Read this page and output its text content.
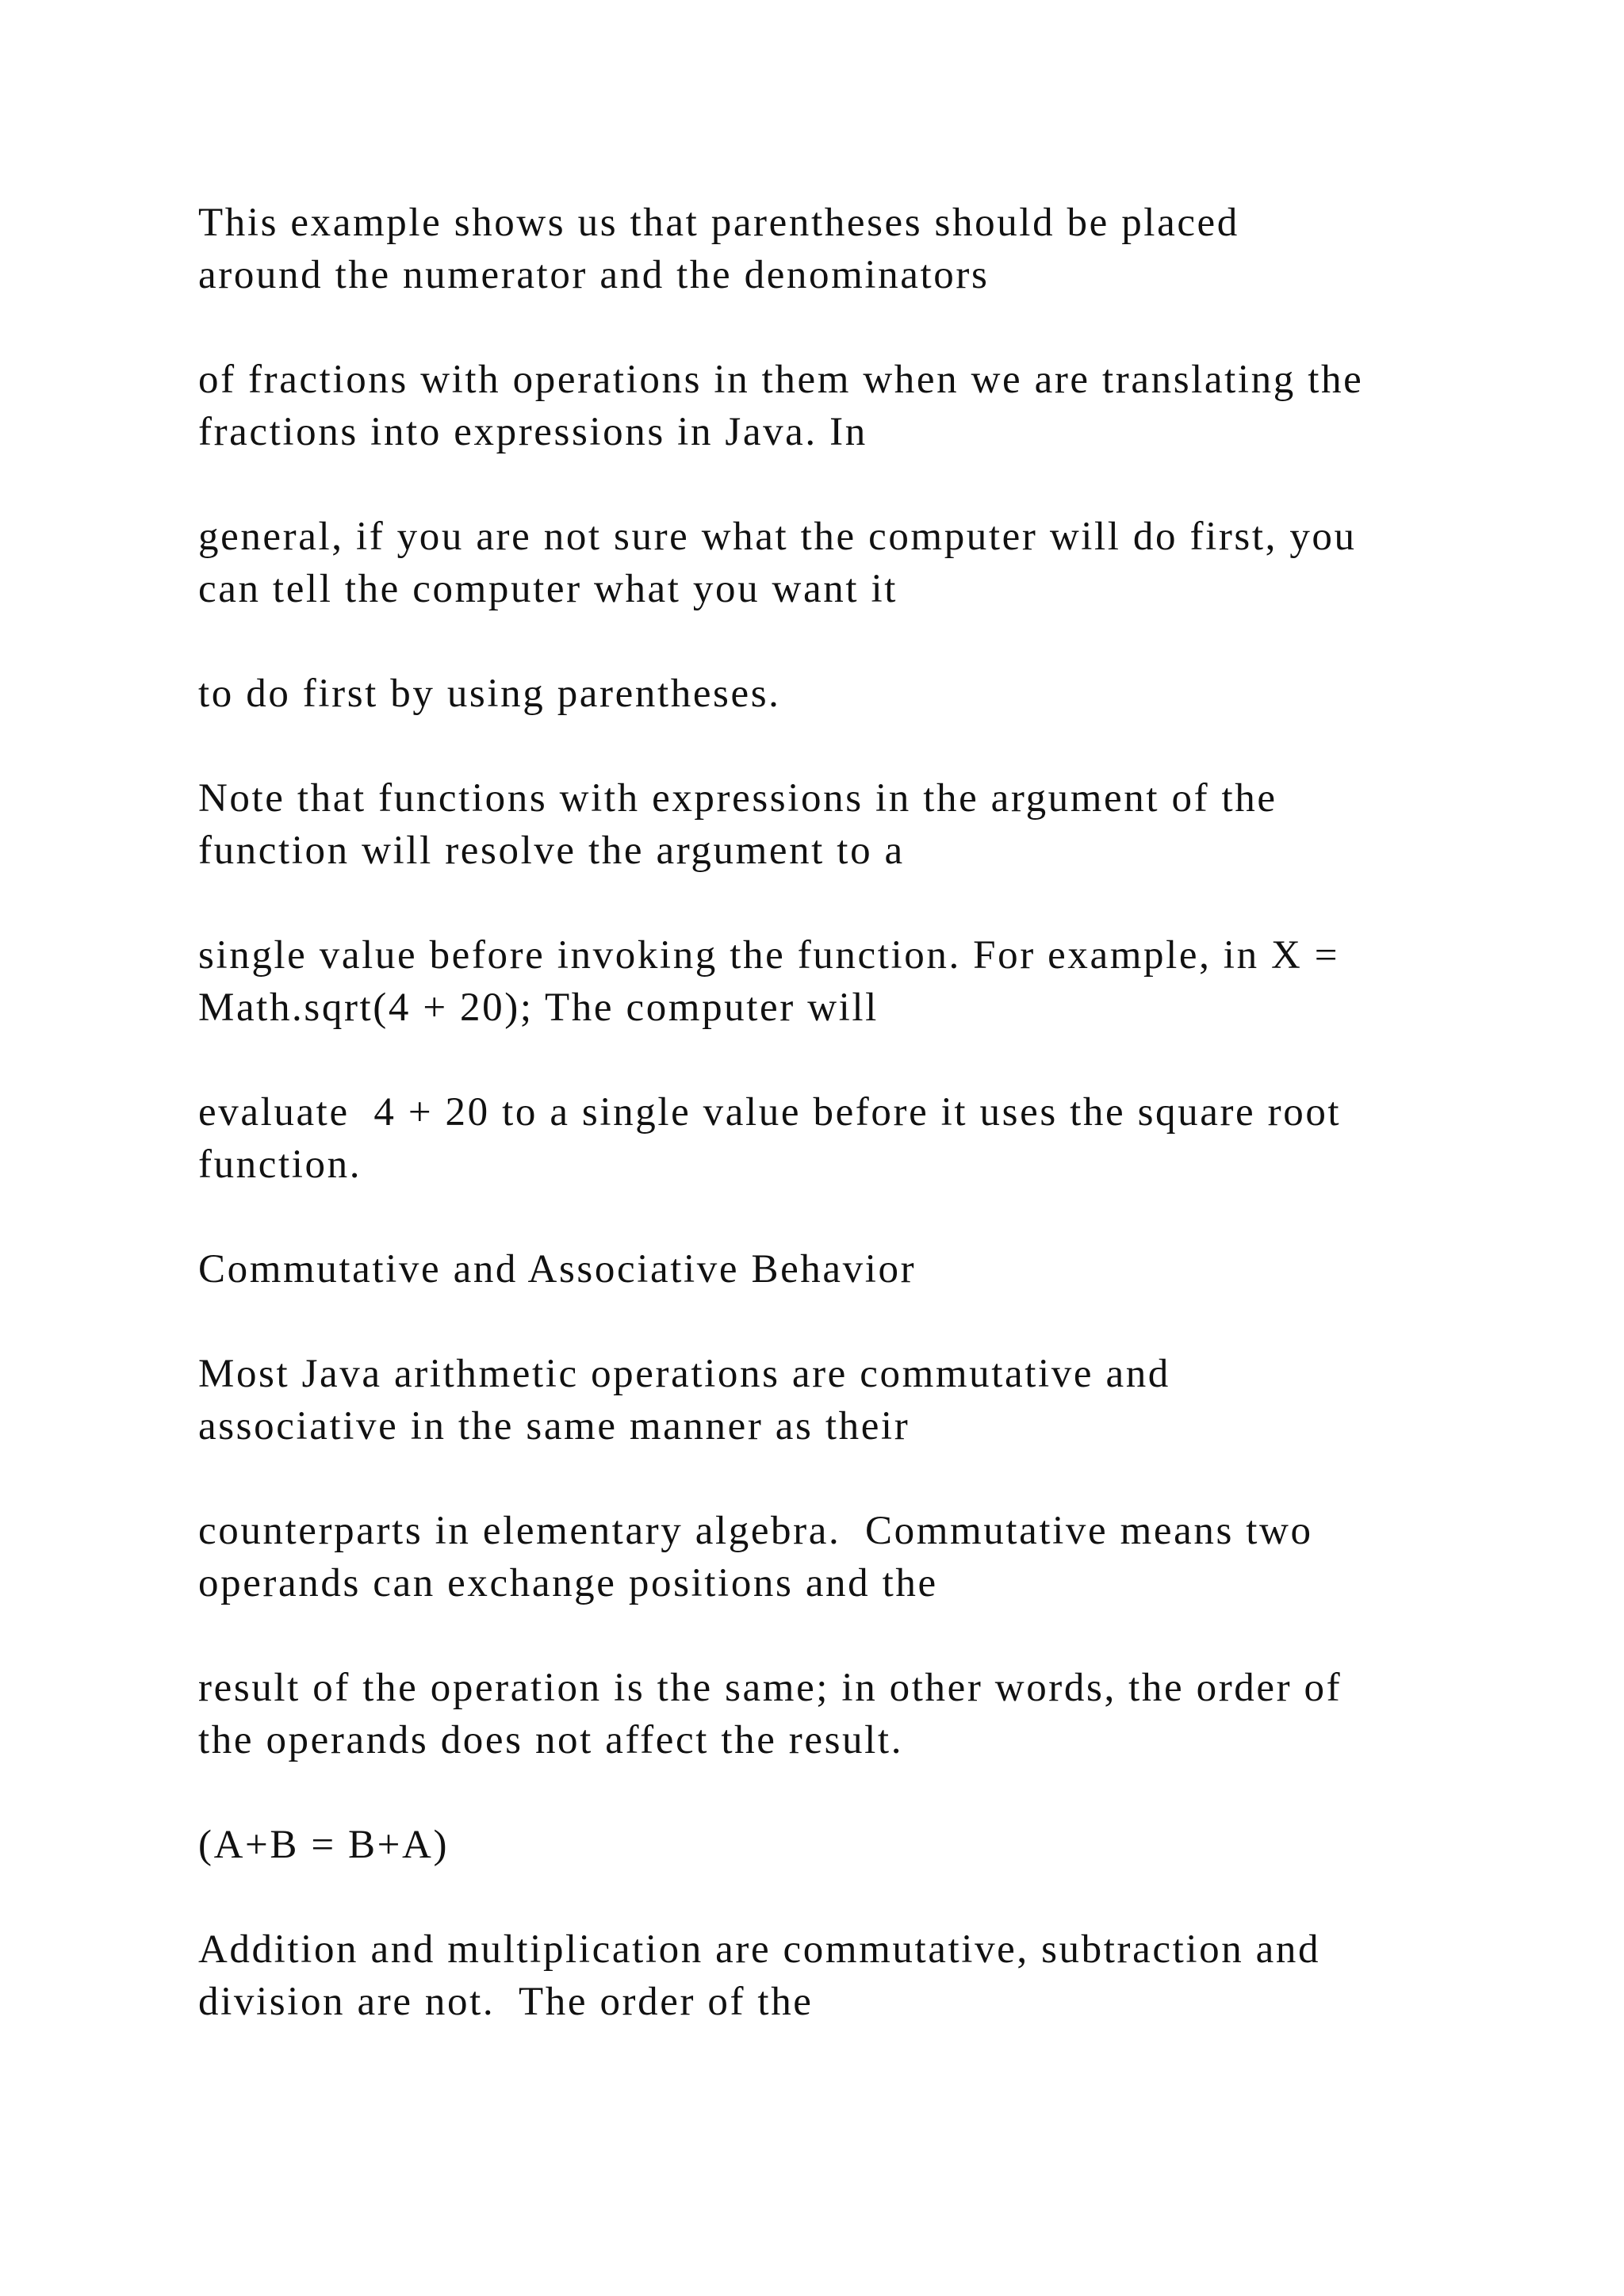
This example shows us that parentheses should be placed
around the numerator and the denominators

of fractions with operations in them when we are translating the
fractions into expressions in Java. In

general, if you are not sure what the computer will do first, you
can tell the computer what you want it

to do first by using parentheses.

Note that functions with expressions in the argument of the
function will resolve the argument to a

single value before invoking the function. For example, in X =
Math.sqrt(4 + 20); The computer will

evaluate  4 + 20 to a single value before it uses the square root
function.

Commutative and Associative Behavior

Most Java arithmetic operations are commutative and
associative in the same manner as their

counterparts in elementary algebra.  Commutative means two
operands can exchange positions and the

result of the operation is the same; in other words, the order of
the operands does not affect the result.

(A+B = B+A)

Addition and multiplication are commutative, subtraction and
division are not.  The order of the
